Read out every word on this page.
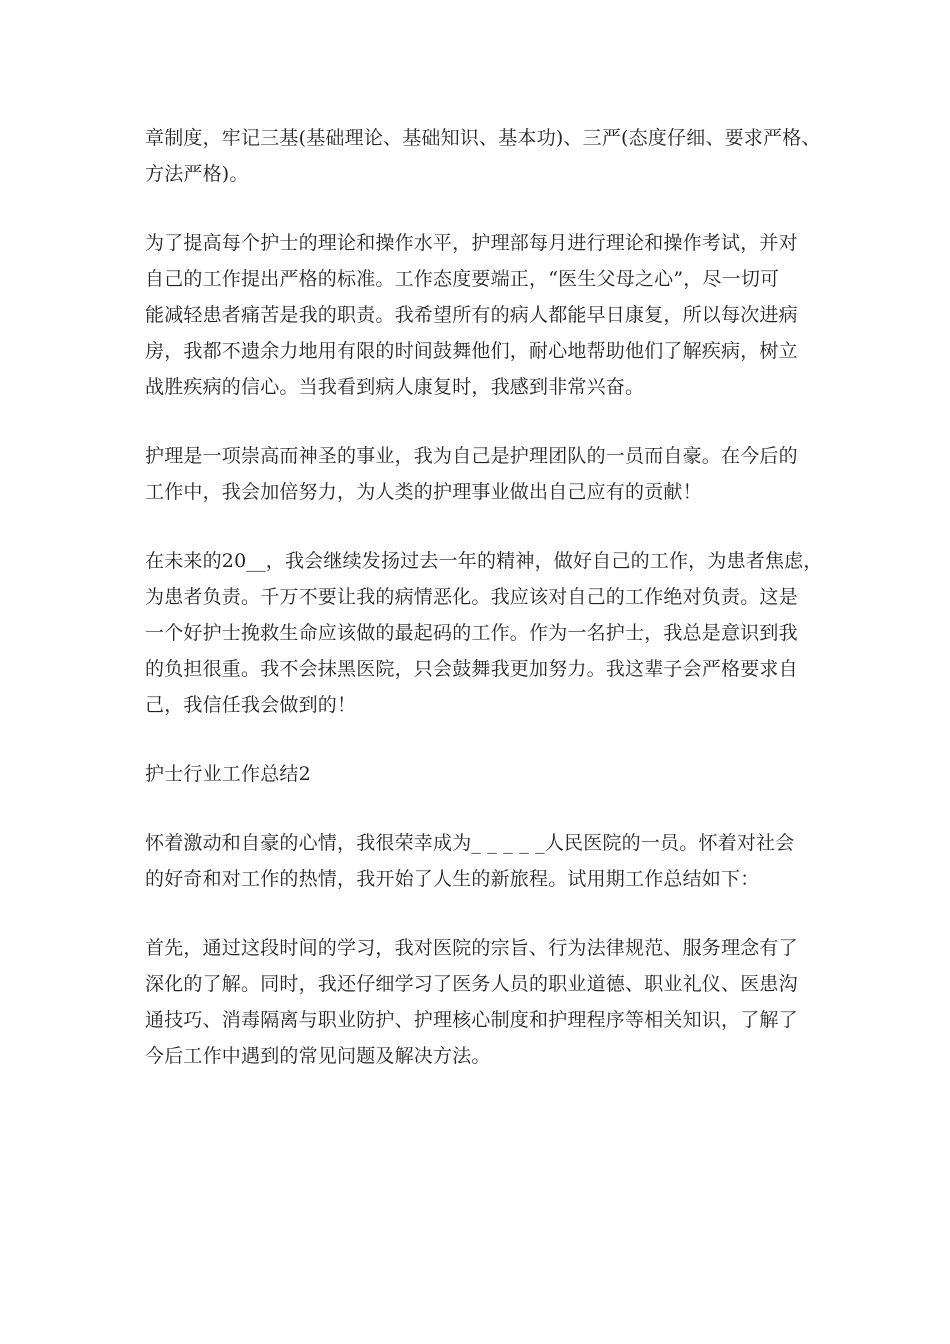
章制度，牢记三基(基础理论、基础知识、基本功)、三严(态度仔细、要求严格、
方法严格)。
为了提高每个护士的理论和操作水平，护理部每月进行理论和操作考试，并对
自己的工作提出严格的标准。工作态度要端正，“医生父母之心”，尽一切可
能减轻患者痛苦是我的职责。我希望所有的病人都能早日康复，所以每次进病
房，我都不遗余力地用有限的时间鼓舞他们，耐心地帮助他们了解疾病，树立
战胜疾病的信心。当我看到病人康复时，我感到非常兴奋。
护理是一项崇高而神圣的事业，我为自己是护理团队的一员而自豪。在今后的
工作中，我会加倍努力，为人类的护理事业做出自己应有的贡献！
在未来的20__，我会继续发扬过去一年的精神，做好自己的工作，为患者焦虑，
为患者负责。千万不要让我的病情恶化。我应该对自己的工作绝对负责。这是
一个好护士挽救生命应该做的最起码的工作。作为一名护士，我总是意识到我
的负担很重。我不会抹黑医院，只会鼓舞我更加努力。我这辈子会严格要求自
己，我信任我会做到的！
护士行业工作总结2
怀着激动和自豪的心情，我很荣幸成为_ _ _ _ _人民医院的一员。怀着对社会
的好奇和对工作的热情，我开始了人生的新旅程。试用期工作总结如下：
首先，通过这段时间的学习，我对医院的宗旨、行为法律规范、服务理念有了
深化的了解。同时，我还仔细学习了医务人员的职业道德、职业礼仪、医患沟
通技巧、消毒隔离与职业防护、护理核心制度和护理程序等相关知识，了解了
今后工作中遇到的常见问题及解决方法。
